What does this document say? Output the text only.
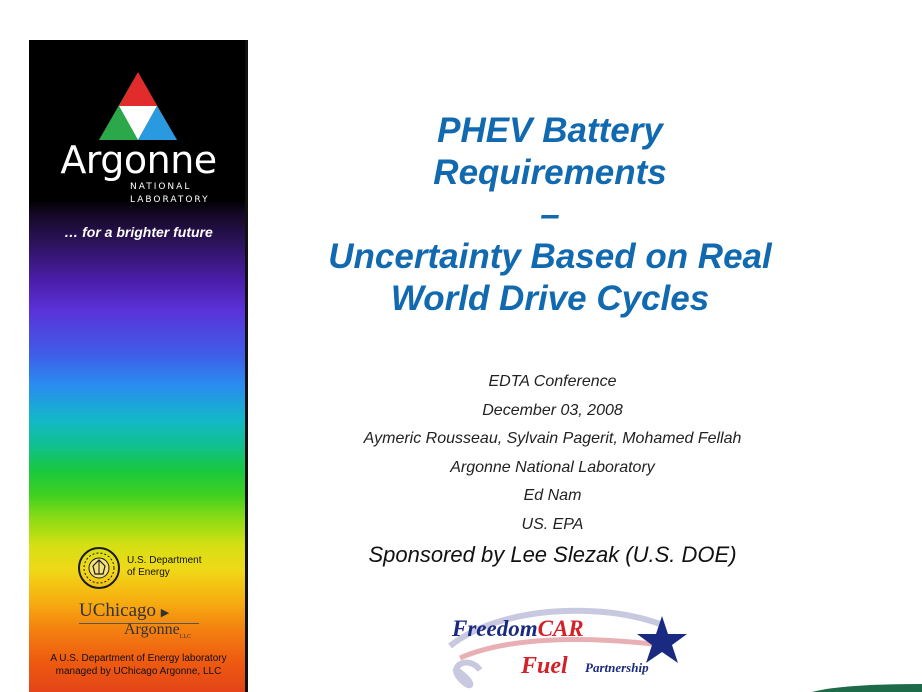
Argonne
NATIONAL
LABORATORY
… for a brighter future
U.S. Department
of Energy
UChicago ▶
Argonne$_{LLC}$
A U.S. Department of Energy laboratory
managed by UChicago Argonne, LLC
PHEV Battery
Requirements
–
Uncertainty Based on Real
World Drive Cycles
EDTA Conference
December 03, 2008
Aymeric Rousseau, Sylvain Pagerit, Mohamed Fellah
Argonne National Laboratory
Ed Nam
US. EPA
Sponsored by Lee Slezak (U.S. DOE)
FreedomCAR
Fuel Partnership
